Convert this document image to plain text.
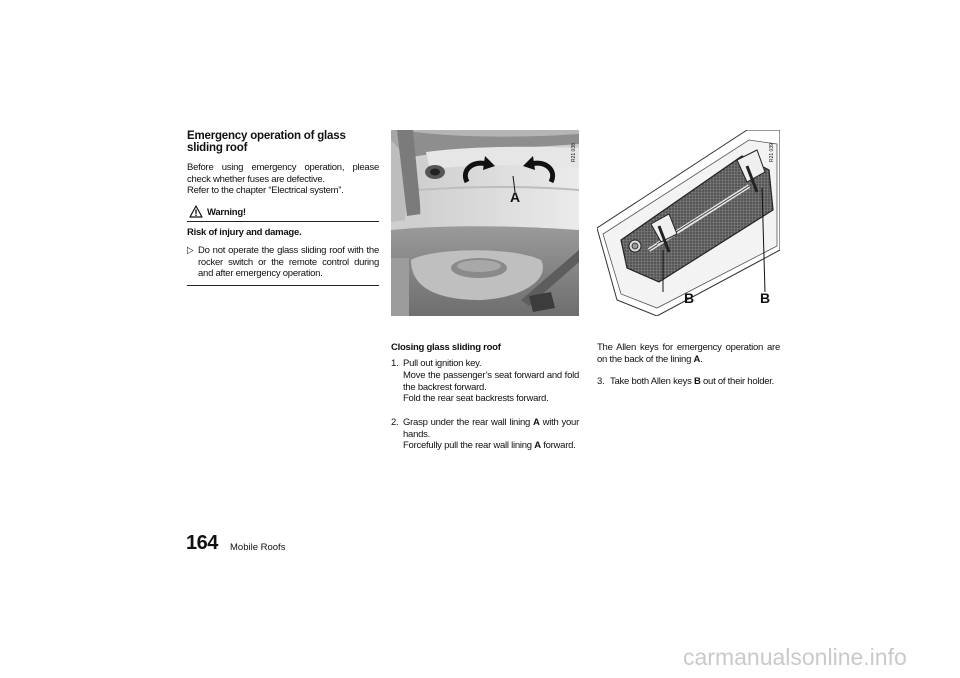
Emergency operation of glass sliding roof
Before using emergency operation, please check whether fuses are defective.
Refer to the chapter “Electrical system”.
Warning!
Risk of injury and damage.
▷ Do not operate the glass sliding roof with the rocker switch or the remote control during and after emergency operation.
R21 038
A
R21 039
B	B
Closing glass sliding roof
1. Pull out ignition key.
Move the passenger’s seat forward and fold the backrest forward.
Fold the rear seat backrests forward.
2. Grasp under the rear wall lining A with your hands.
Forcefully pull the rear wall lining A forward.
The Allen keys for emergency operation are on the back of the lining A.
3. Take both Allen keys B out of their holder.
164 Mobile Roofs
carmanualsonline.info
